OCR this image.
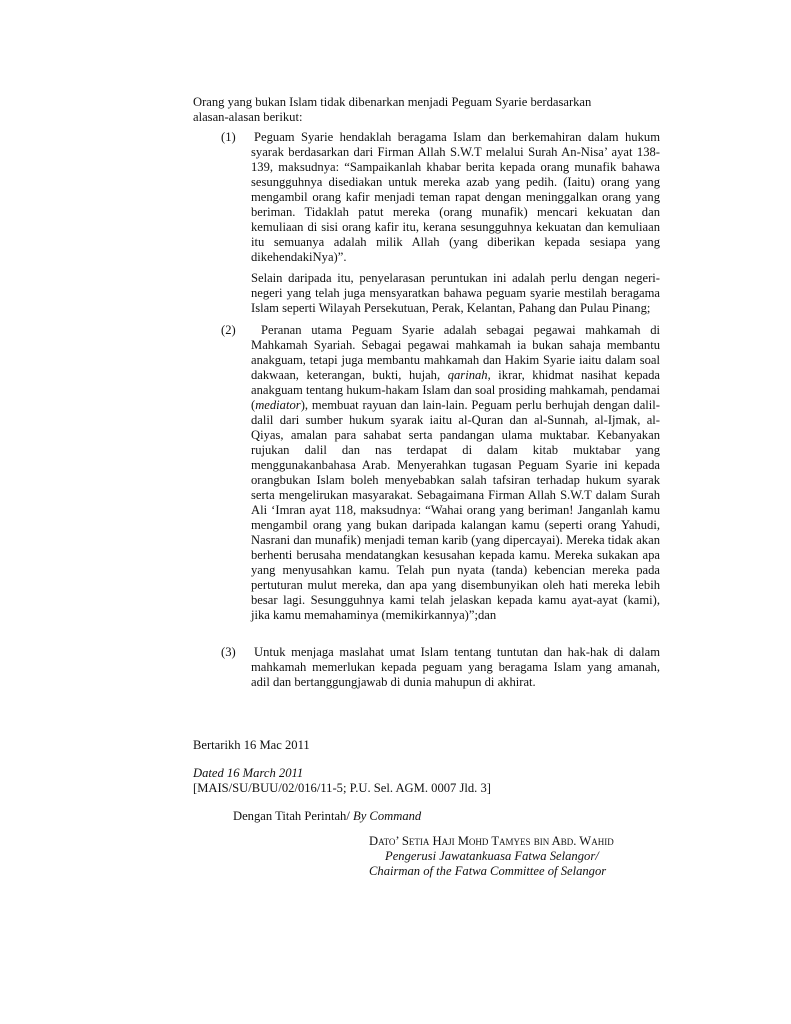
Orang yang bukan Islam tidak dibenarkan menjadi Peguam Syarie berdasarkan
alasan-alasan berikut:
(1) Peguam Syarie hendaklah beragama Islam dan berkemahiran dalam hukum syarak berdasarkan dari Firman Allah S.W.T melalui Surah An-Nisa’ ayat 138-139, maksudnya: “Sampaikanlah khabar berita kepada orang munafik bahawa sesungguhnya disediakan untuk mereka azab yang pedih. (Iaitu) orang yang mengambil orang kafir menjadi teman rapat dengan meninggalkan orang yang beriman. Tidaklah patut mereka (orang munafik) mencari kekuatan dan kemuliaan di sisi orang kafir itu, kerana sesungguhnya kekuatan dan kemuliaan itu semuanya adalah milik Allah (yang diberikan kepada sesiapa yang dikehendakiNya)”.
Selain daripada itu, penyelarasan peruntukan ini adalah perlu dengan negeri-negeri yang telah juga mensyaratkan bahawa peguam syarie mestilah beragama Islam seperti Wilayah Persekutuan, Perak, Kelantan, Pahang dan Pulau Pinang;
(2)	Peranan utama Peguam Syarie adalah sebagai pegawai mahkamah di Mahkamah Syariah. Sebagai pegawai mahkamah ia bukan sahaja membantu anakguam, tetapi juga membantu mahkamah dan Hakim Syarie iaitu dalam soal dakwaan, keterangan, bukti, hujah, qarinah, ikrar, khidmat nasihat kepada anakguam tentang hukum-hakam Islam dan soal prosiding mahkamah, pendamai (mediator), membuat rayuan dan lain-lain. Peguam perlu berhujah dengan dalil-dalil dari sumber hukum syarak iaitu al-Quran dan al-Sunnah, al-Ijmak, al-Qiyas, amalan para sahabat serta pandangan ulama muktabar. Kebanyakan rujukan dalil dan nas terdapat di dalam kitab muktabar yang menggunakanbahasa Arab. Menyerahkan tugasan Peguam Syarie ini kepada orangbukan Islam boleh menyebabkan salah tafsiran terhadap hukum syarak serta mengelirukan masyarakat. Sebagaimana Firman Allah S.W.T dalam Surah Ali ‘Imran ayat 118, maksudnya: “Wahai orang yang beriman! Janganlah kamu mengambil orang yang bukan daripada kalangan kamu (seperti orang Yahudi, Nasrani dan munafik) menjadi teman karib (yang dipercayai). Mereka tidak akan berhenti berusaha mendatangkan kesusahan kepada kamu. Mereka sukakan apa yang menyusahkan kamu. Telah pun nyata (tanda) kebencian mereka pada pertuturan mulut mereka, dan apa yang disembunyikan oleh hati mereka lebih besar lagi. Sesungguhnya kami telah jelaskan kepada kamu ayat-ayat (kami), jika kamu memahaminya (memikirkannya)”;dan
(3) Untuk menjaga maslahat umat Islam tentang tuntutan dan hak-hak di dalam mahkamah memerlukan kepada peguam yang beragama Islam yang amanah, adil dan bertanggungjawab di dunia mahupun di akhirat.
Bertarikh 16 Mac 2011
Dated 16 March 2011
[MAIS/SU/BUU/02/016/11-5; P.U. Sel. AGM. 0007 Jld. 3]
Dengan Titah Perintah/ By Command
Dato’ Setia Haji Mohd Tamyes bin Abd. Wahid
Pengerusi Jawatankuasa Fatwa Selangor/
Chairman of the Fatwa Committee of Selangor
